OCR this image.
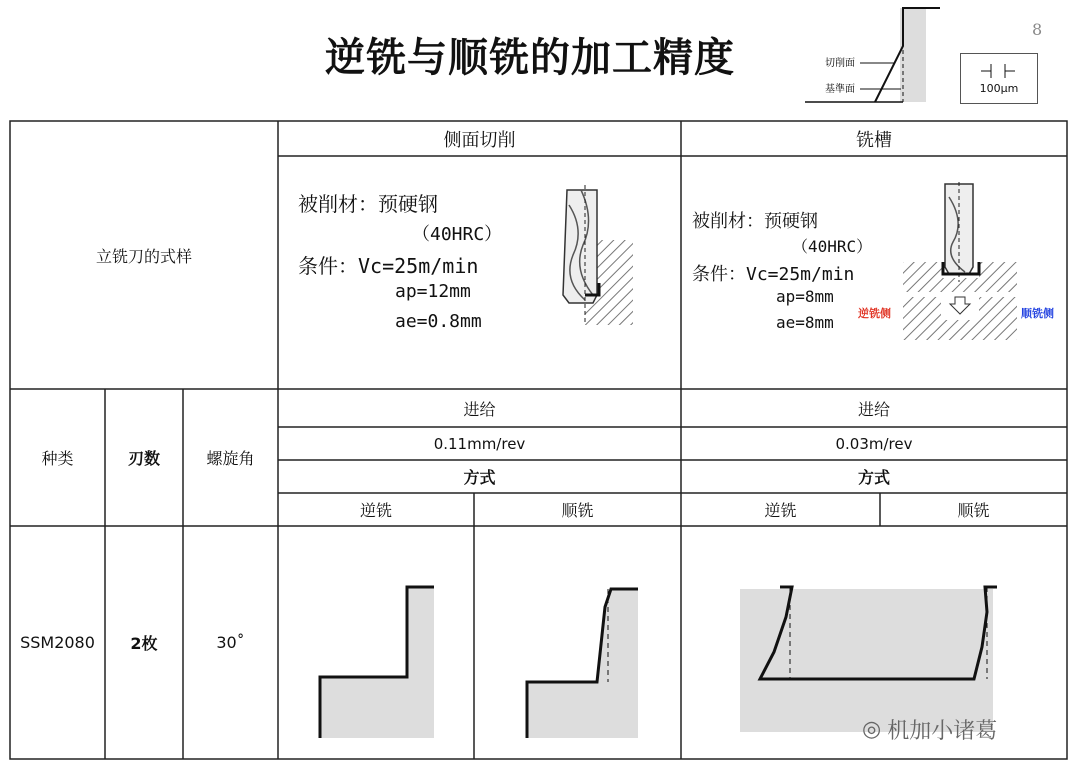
逆铣与顺铣的加工精度
8
切削面
基準面	100μm
立铣刀的式样
侧面切削	铣槽
被削材：预硬钢
（40HRC）
条件：Vc=25m/min
ap=12mm
ae=0.8mm
被削材：预硬钢
（40HRC）
条件：Vc=25m/min
ap=8mm
ae=8mm 逆铣侧	顺铣侧
种类	刃数	螺旋角
进给	进给
0.11mm/rev	0.03m/rev
方式	方式
逆铣	顺铣	逆铣	顺铣
SSM2080	2枚	30˚
◎ 机加小诸葛
